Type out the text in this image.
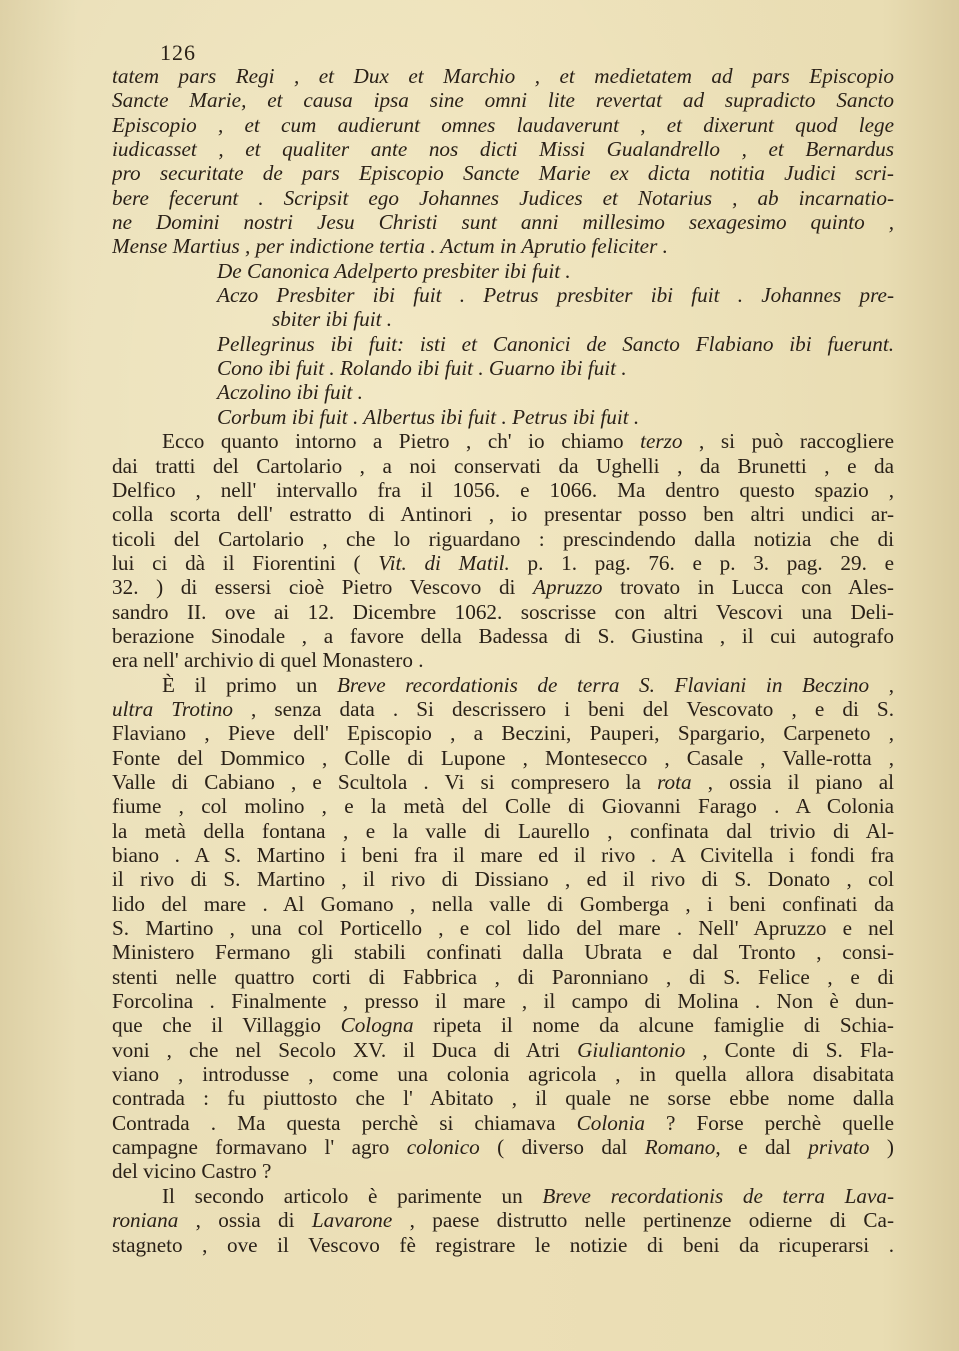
126
tatem pars Regi , et Dux et Marchio , et medietatem ad pars Episcopio
Sancte Marie, et causa ipsa sine omni lite revertat ad supradicto Sancto
Episcopio , et cum audierunt omnes laudaverunt , et dixerunt quod lege
iudicasset , et qualiter ante nos dicti Missi Gualandrello , et Bernardus
pro securitate de pars Episcopio Sancte Marie ex dicta notitia Judici scri-
bere fecerunt . Scripsit ego Johannes Judices et Notarius , ab incarnatio-
ne Domini nostri Jesu Christi sunt anni millesimo sexagesimo quinto ,
Mense Martius , per indictione tertia . Actum in Aprutio feliciter .
De Canonica Adelperto presbiter ibi fuit .
Aczo Presbiter ibi fuit . Petrus presbiter ibi fuit . Johannes pre-
sbiter ibi fuit .
Pellegrinus ibi fuit: isti et Canonici de Sancto Flabiano ibi fuerunt.
Cono ibi fuit . Rolando ibi fuit . Guarno ibi fuit .
Aczolino ibi fuit .
Corbum ibi fuit . Albertus ibi fuit . Petrus ibi fuit .
Ecco quanto intorno a Pietro , ch' io chiamo terzo , si può raccogliere
dai tratti del Cartolario , a noi conservati da Ughelli , da Brunetti , e da
Delfico , nell' intervallo fra il 1056. e 1066. Ma dentro questo spazio ,
colla scorta dell' estratto di Antinori , io presentar posso ben altri undici ar-
ticoli del Cartolario , che lo riguardano : prescindendo dalla notizia che di
lui ci dà il Fiorentini ( Vit. di Matil. p. 1. pag. 76. e p. 3. pag. 29. e
32. ) di essersi cioè Pietro Vescovo di Apruzzo trovato in Lucca con Ales-
sandro II. ove ai 12. Dicembre 1062. soscrisse con altri Vescovi una Deli-
berazione Sinodale , a favore della Badessa di S. Giustina , il cui autografo
era nell' archivio di quel Monastero .
È il primo un Breve recordationis de terra S. Flaviani in Beczino ,
ultra Trotino , senza data . Si descrissero i beni del Vescovato , e di S.
Flaviano , Pieve dell' Episcopio , a Beczini, Pauperi, Spargario, Carpeneto ,
Fonte del Dommico , Colle di Lupone , Montesecco , Casale , Valle-rotta ,
Valle di Cabiano , e Scultola . Vi si compresero la rota , ossia il piano al
fiume , col molino , e la metà del Colle di Giovanni Farago . A Colonia
la metà della fontana , e la valle di Laurello , confinata dal trivio di Al-
biano . A S. Martino i beni fra il mare ed il rivo . A Civitella i fondi fra
il rivo di S. Martino , il rivo di Dissiano , ed il rivo di S. Donato , col
lido del mare . Al Gomano , nella valle di Gomberga , i beni confinati da
S. Martino , una col Porticello , e col lido del mare . Nell' Apruzzo e nel
Ministero Fermano gli stabili confinati dalla Ubrata e dal Tronto , consi-
stenti nelle quattro corti di Fabbrica , di Paronniano , di S. Felice , e di
Forcolina . Finalmente , presso il mare , il campo di Molina . Non è dun-
que che il Villaggio Cologna ripeta il nome da alcune famiglie di Schia-
voni , che nel Secolo XV. il Duca di Atri Giuliantonio , Conte di S. Fla-
viano , introdusse , come una colonia agricola , in quella allora disabitata
contrada : fu piuttosto che l' Abitato , il quale ne sorse ebbe nome dalla
Contrada . Ma questa perchè si chiamava Colonia ? Forse perchè quelle
campagne formavano l' agro colonico ( diverso dal Romano, e dal privato )
del vicino Castro ?
Il secondo articolo è parimente un Breve recordationis de terra Lava-
roniana , ossia di Lavarone , paese distrutto nelle pertinenze odierne di Ca-
stagneto , ove il Vescovo fè registrare le notizie di beni da ricuperarsi .
